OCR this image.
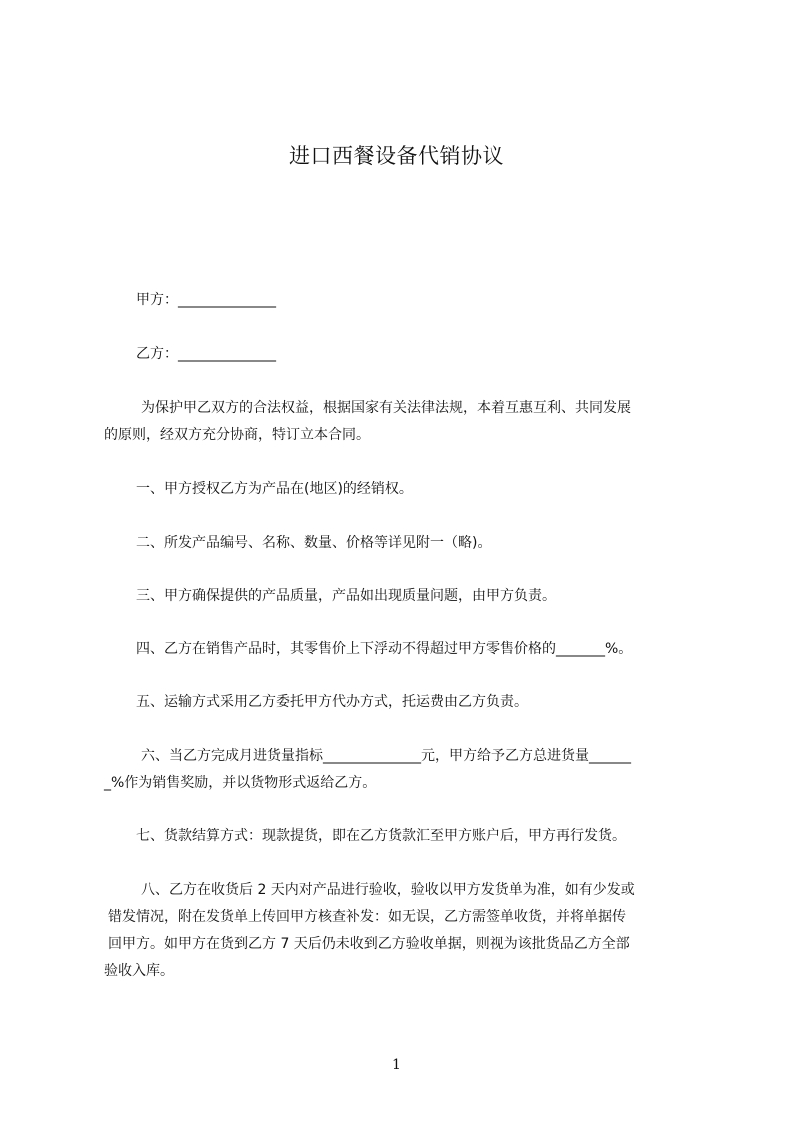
进口西餐设备代销协议
甲方：______________
乙方：______________
为保护甲乙双方的合法权益，根据国家有关法律法规，本着互惠互利、共同发展
的原则，经双方充分协商，特订立本合同。
一、甲方授权乙方为产品在(地区)的经销权。
二、所发产品编号、名称、数量、价格等详见附一（略)。
三、甲方确保提供的产品质量，产品如出现质量问题，由甲方负责。
四、乙方在销售产品时，其零售价上下浮动不得超过甲方零售价格的_______%。
五、运输方式采用乙方委托甲方代办方式，托运费由乙方负责。
六、当乙方完成月进货量指标______________元，甲方给予乙方总进货量______
_%作为销售奖励，并以货物形式返给乙方。
七、货款结算方式：现款提货，即在乙方货款汇至甲方账户后，甲方再行发货。
八、乙方在收货后 2 天内对产品进行验收，验收以甲方发货单为准，如有少发或
错发情况，附在发货单上传回甲方核查补发：如无误，乙方需签单收货，并将单据传
回甲方。如甲方在货到乙方 7 天后仍未收到乙方验收单据，则视为该批货品乙方全部
验收入库。
1
